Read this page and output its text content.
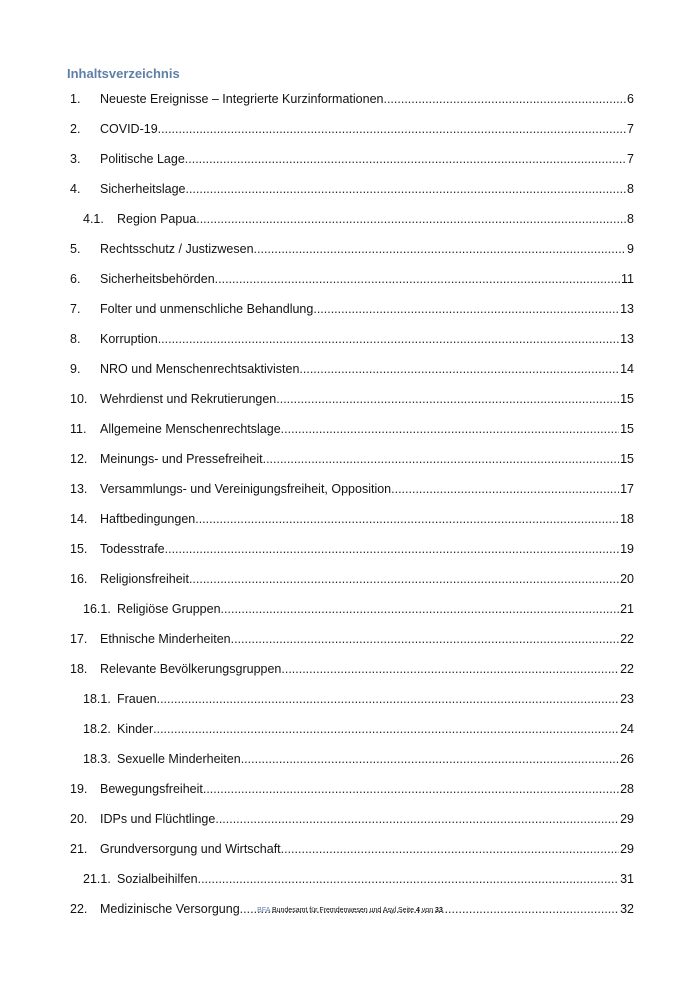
Inhaltsverzeichnis
1.	Neueste Ereignisse – Integrierte Kurzinformationen .....	6
2.	COVID-19 .....	7
3.	Politische Lage .....	7
4.	Sicherheitslage .....	8
4.1.	Region Papua .....	8
5.	Rechtsschutz / Justizwesen .....	9
6.	Sicherheitsbehörden .....	11
7.	Folter und unmenschliche Behandlung .....	13
8.	Korruption .....	13
9.	NRO und Menschenrechtsaktivisten .....	14
10.	Wehrdienst und Rekrutierungen .....	15
11.	Allgemeine Menschenrechtslage .....	15
12.	Meinungs- und Pressefreiheit .....	15
13.	Versammlungs- und Vereinigungsfreiheit, Opposition .....	17
14.	Haftbedingungen .....	18
15.	Todesstrafe .....	19
16.	Religionsfreiheit .....	20
16.1. Religiöse Gruppen .....	21
17.	Ethnische Minderheiten .....	22
18.	Relevante Bevölkerungsgruppen .....	22
18.1. Frauen .....	23
18.2. Kinder .....	24
18.3. Sexuelle Minderheiten .....	26
19.	Bewegungsfreiheit .....	28
20.	IDPs und Flüchtlinge .....	29
21.	Grundversorgung und Wirtschaft .....	29
21.1. Sozialbeihilfen .....	31
22.	Medizinische Versorgung .....	32
BFA Bundesamt für Fremdenwesen und Asyl Seite 4 von 33
